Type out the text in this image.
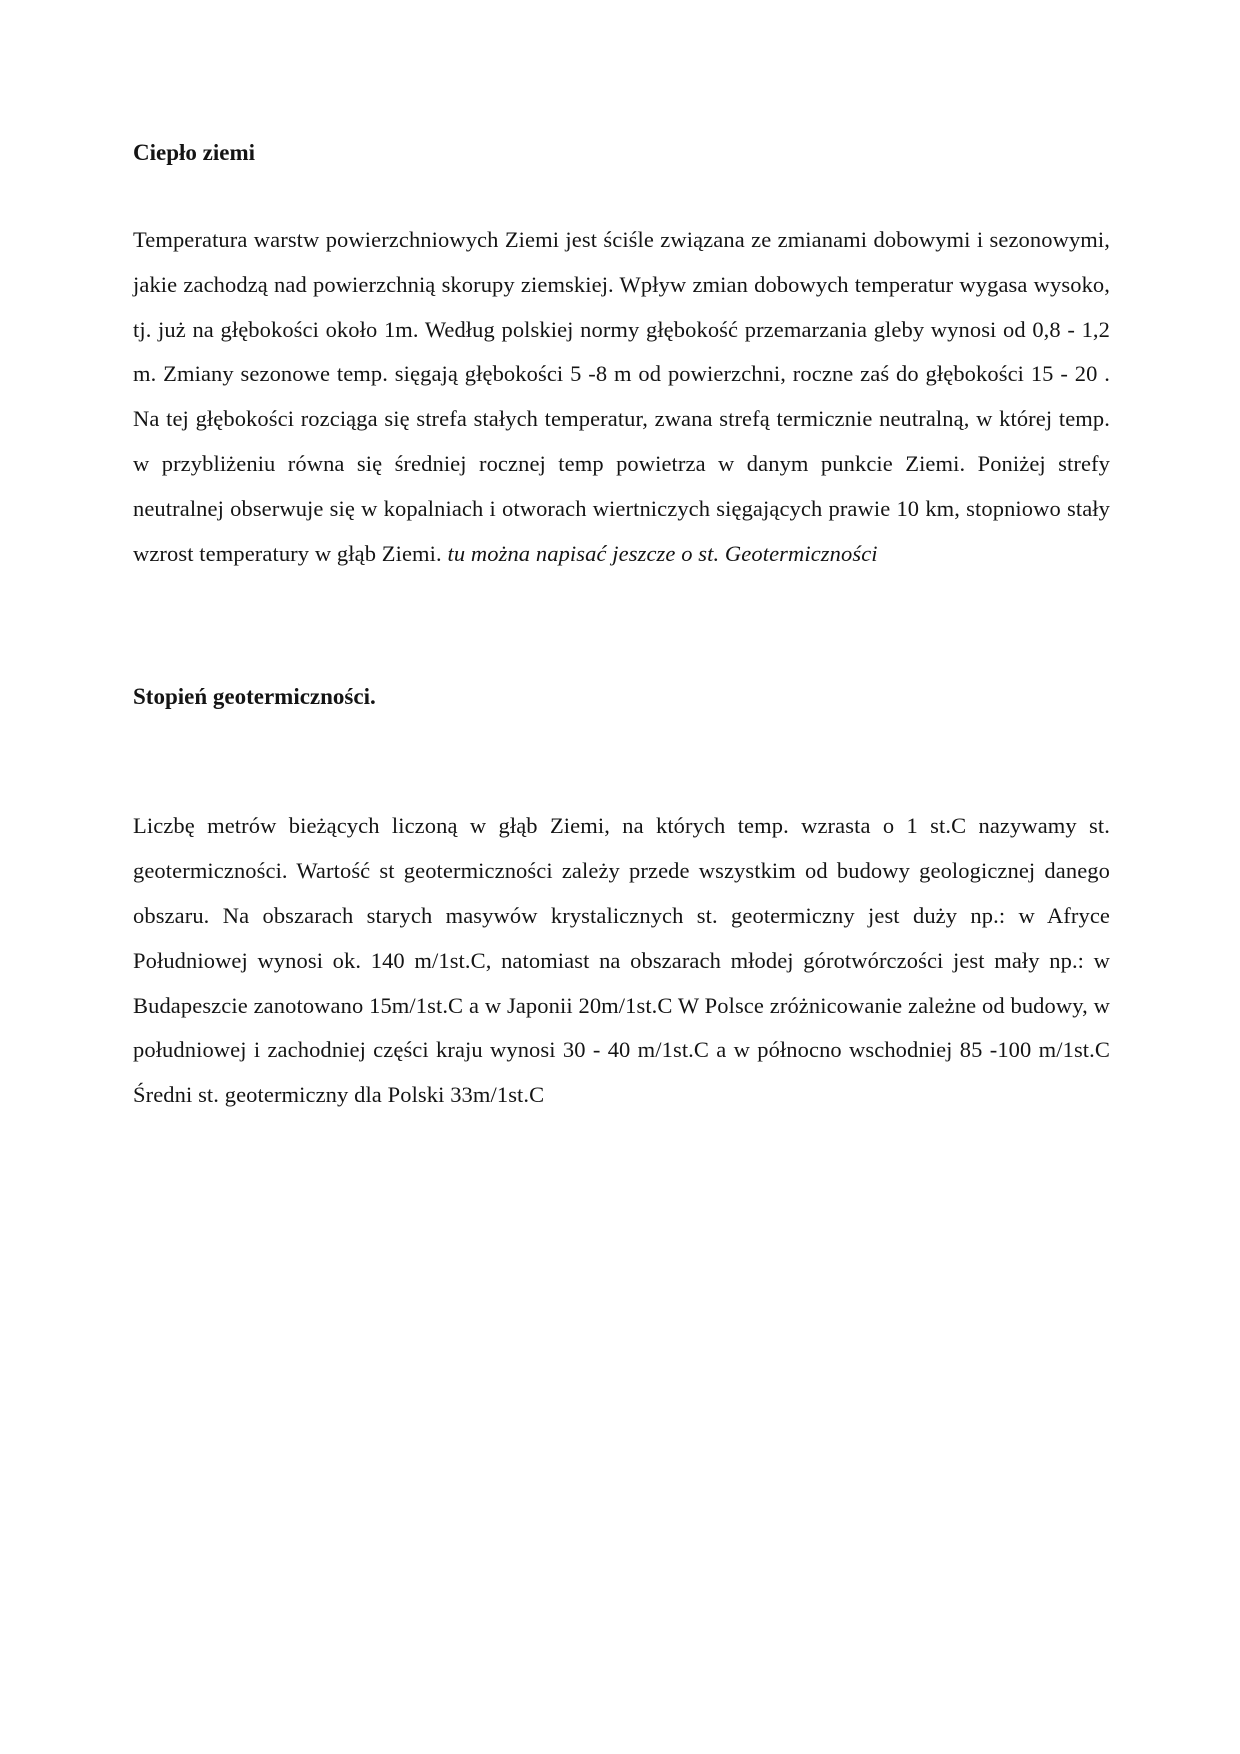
Ciepło ziemi

Temperatura warstw powierzchniowych Ziemi jest ściśle związana ze zmianami dobowymi i sezonowymi, jakie zachodzą nad powierzchnią skorupy ziemskiej. Wpływ zmian dobowych temperatur wygasa wysoko, tj. już na głębokości około 1m. Według polskiej normy głębokość przemarzania gleby wynosi od 0,8 - 1,2 m. Zmiany sezonowe temp. sięgają głębokości 5 -8 m od powierzchni, roczne zaś do głębokości 15 - 20 . Na tej głębokości rozciąga się strefa stałych temperatur, zwana strefą termicznie neutralną, w której temp. w przybliżeniu równa się średniej rocznej temp powietrza w danym punkcie Ziemi. Poniżej strefy neutralnej obserwuje się w kopalniach i otworach wiertniczych sięgających prawie 10 km, stopniowo stały wzrost temperatury w głąb Ziemi. tu można napisać jeszcze o st. Geotermiczności

Stopień geotermiczności.

Liczbę metrów bieżących liczoną w głąb Ziemi, na których temp. wzrasta o 1 st.C nazywamy st. geotermiczności. Wartość st geotermiczności zależy przede wszystkim od budowy geologicznej danego obszaru. Na obszarach starych masywów krystalicznych st. geotermiczny jest duży np.: w Afryce Południowej wynosi ok. 140 m/1st.C, natomiast na obszarach młodej górotwórczości jest mały np.: w Budapeszcie zanotowano 15m/1st.C a w Japonii 20m/1st.C W Polsce zróżnicowanie zależne od budowy, w południowej i zachodniej części kraju wynosi 30 - 40 m/1st.C a w północno wschodniej 85 -100 m/1st.C Średni st. geotermiczny dla Polski 33m/1st.C
